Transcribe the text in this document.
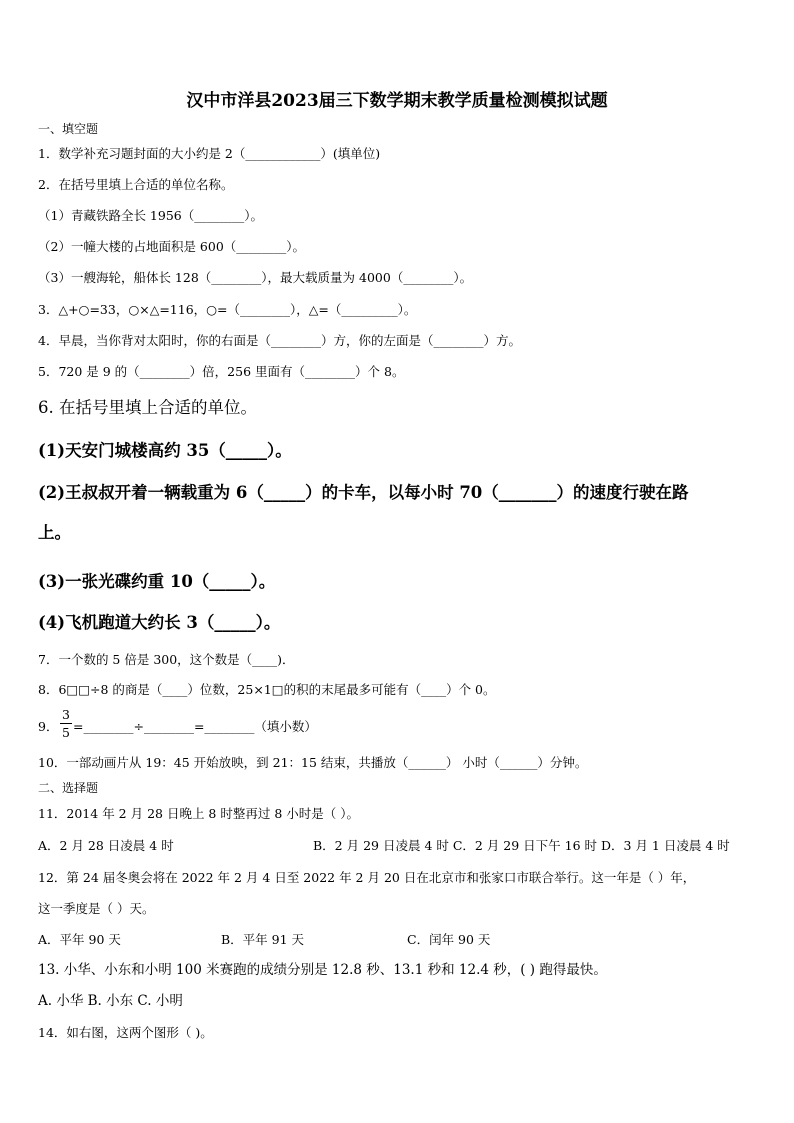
汉中市洋县2023届三下数学期末教学质量检测模拟试题
一、填空题
1．数学补充习题封面的大小约是 2（____________）(填单位)
2．在括号里填上合适的单位名称。
（1）青藏铁路全长 1956（________）。
（2）一幢大楼的占地面积是 600（________）。
（3）一艘海轮，船体长 128（________），最大载质量为 4000（________）。
3．△+○=33，○×△=116，○=（________），△=（_________）。
4．早晨，当你背对太阳时，你的右面是（________）方，你的左面是（________）方。
5．720 是 9 的（________）倍，256 里面有（________）个 8。
6. 在括号里填上合适的单位。
(1)天安门城楼高约 35（_____）。
(2)王叔叔开着一辆载重为 6（_____）的卡车，以每小时 70（_______）的速度行驶在路
上。
(3)一张光碟约重 10（_____）。
(4)飞机跑道大约长 3（_____）。
7．一个数的 5 倍是 300，这个数是（____)．
8．6□□÷8 的商是（____）位数，25×1□的积的末尾最多可能有（____）个 0。
9．
3
5 =________÷________=________（填小数）
10．一部动画片从 19：45 开始放映，到 21：15 结束，共播放（______） 小时（______）分钟。
二、选择题
11．2014 年 2 月 28 日晚上 8 时整再过 8 小时是（ ）。
A．2 月 28 日凌晨 4 时	B．2 月 29 日凌晨 4 时 C．2 月 29 日下午 16 时 D．3 月 1 日凌晨 4 时
12．第 24 届冬奥会将在 2022 年 2 月 4 日至 2022 年 2 月 20 日在北京市和张家口市联合举行。这一年是（ ）年，
这一季度是（ ）天。
A．平年 90 天	B．平年 91 天	C．闰年 90 天
13. 小华、小东和小明 100 米赛跑的成绩分别是 12.8 秒、13.1 秒和 12.4 秒，( ) 跑得最快。
A. 小华 B. 小东 C. 小明
14．如右图，这两个图形（ )。
